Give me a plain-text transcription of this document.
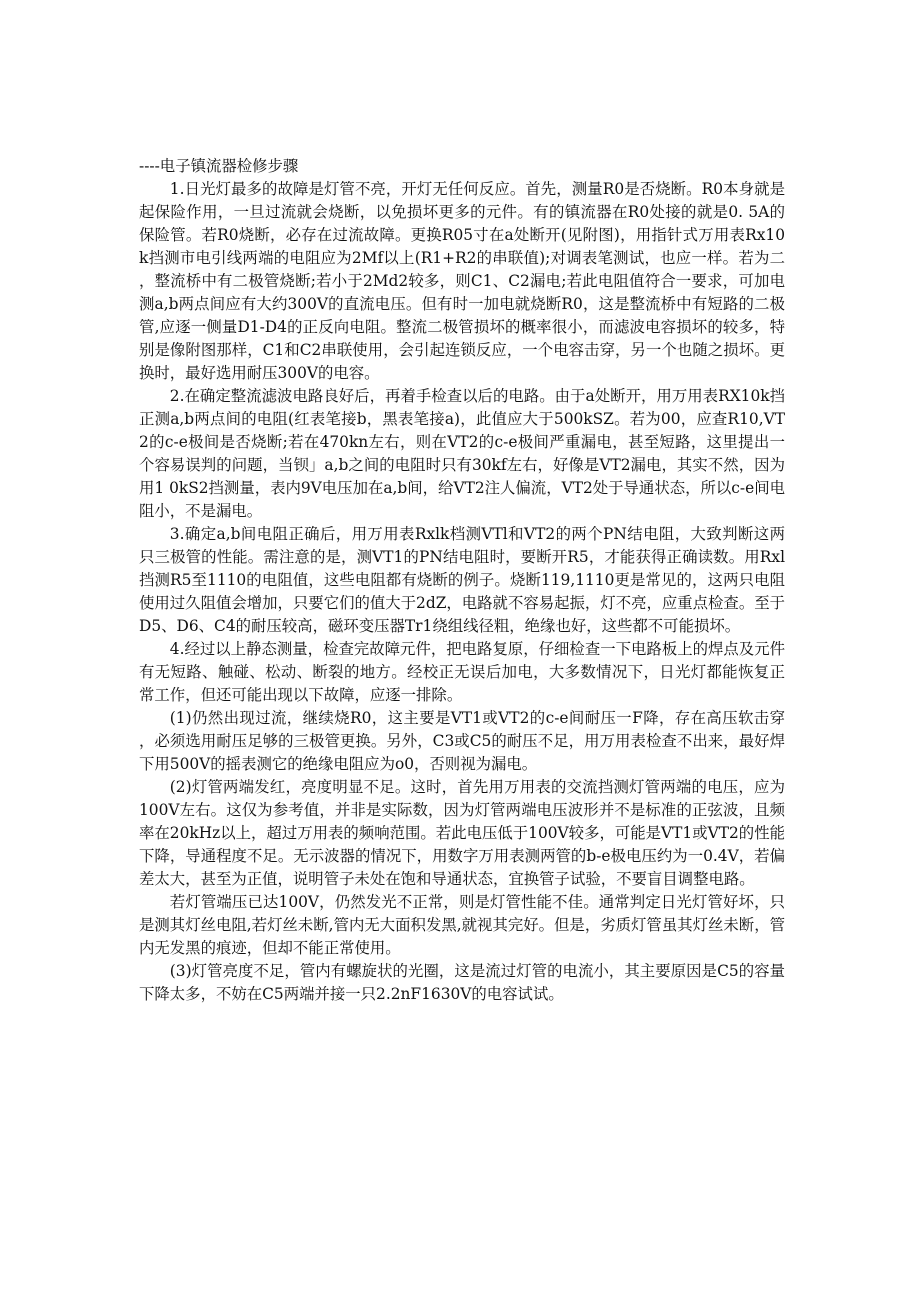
----电子镇流器检修步骤

1.日光灯最多的故障是灯管不亮，开灯无任何反应。首先，测量R0是否烧断。R0本身就是起保险作用，一旦过流就会烧断，以免损坏更多的元件。有的镇流器在R0处接的就是0. 5A的保险管。若R0烧断，必存在过流故障。更换R05寸在a处断开(见附图)，用指针式万用表Rx10k挡测市电引线两端的电阻应为2Mf以上(R1+R2的串联值);对调表笔测试，也应一样。若为二，整流桥中有二极管烧断;若小于2Md2较多，则C1、C2漏电;若此电阻值符合一要求，可加电测a,b两点间应有大约300V的直流电压。但有时一加电就烧断R0，这是整流桥中有短路的二极管,应逐一侧量D1-D4的正反向电阻。整流二极管损坏的概率很小，而滤波电容损坏的较多，特别是像附图那样，C1和C2串联使用，会引起连锁反应，一个电容击穿，另一个也随之损坏。更换时，最好选用耐压300V的电容。

2.在确定整流滤波电路良好后，再着手检查以后的电路。由于a处断开，用万用表RX10k挡正测a,b两点间的电阻(红表笔接b，黑表笔接a)，此值应大于500kSZ。若为00，应查R10,VT2的c-e极间是否烧断;若在470kn左右，则在VT2的c-e极间严重漏电，甚至短路，这里提出一个容易误判的问题，当钡」a,b之间的电阻时只有30kf左右，好像是VT2漏电，其实不然，因为用1 0kS2挡测量，表内9V电压加在a,b间，给VT2注人偏流，VT2处于导通状态，所以c-e间电阻小，不是漏电。

3.确定a,b间电阻正确后，用万用表Rxlk档测VTl和VT2的两个PN结电阻，大致判断这两只三极管的性能。需注意的是，测VT1的PN结电阻时，要断开R5，才能获得正确读数。用Rxl挡测R5至1110的电阻值，这些电阻都有烧断的例子。烧断119,1110更是常见的，这两只电阻使用过久阻值会增加，只要它们的值大于2dZ，电路就不容易起振，灯不亮，应重点检查。至于D5、D6、C4的耐压较高，磁环变压器Tr1绕组线径粗，绝缘也好，这些都不可能损坏。

4.经过以上静态测量，检查完故障元件，把电路复原，仔细检查一下电路板上的焊点及元件有无短路、触碰、松动、断裂的地方。经校正无误后加电，大多数情况下，日光灯都能恢复正常工作，但还可能出现以下故障，应逐一排除。

(1)仍然出现过流，继续烧R0，这主要是VT1或VT2的c-e间耐压一F降，存在高压软击穿，必须选用耐压足够的三极管更换。另外，C3或C5的耐压不足，用万用表检查不出来，最好焊下用500V的摇表测它的绝缘电阻应为o0，否则视为漏电。

(2)灯管两端发红，亮度明显不足。这时，首先用万用表的交流挡测灯管两端的电压，应为100V左右。这仅为参考值，并非是实际数，因为灯管两端电压波形并不是标准的正弦波，且频率在20kHz以上，超过万用表的频响范围。若此电压低于100V较多，可能是VT1或VT2的性能下降，导通程度不足。无示波器的情况下，用数字万用表测两管的b-e极电压约为一0.4V，若偏差太大，甚至为正值，说明管子未处在饱和导通状态，宜换管子试验，不要盲目调整电路。

若灯管端压已达100V，仍然发光不正常，则是灯管性能不佳。通常判定日光灯管好坏，只是测其灯丝电阻,若灯丝未断,管内无大面积发黑,就视其完好。但是，劣质灯管虽其灯丝未断，管内无发黑的痕迹，但却不能正常使用。

(3)灯管亮度不足，管内有螺旋状的光圈，这是流过灯管的电流小，其主要原因是C5的容量下降太多，不妨在C5两端并接一只2.2nF1630V的电容试试。
